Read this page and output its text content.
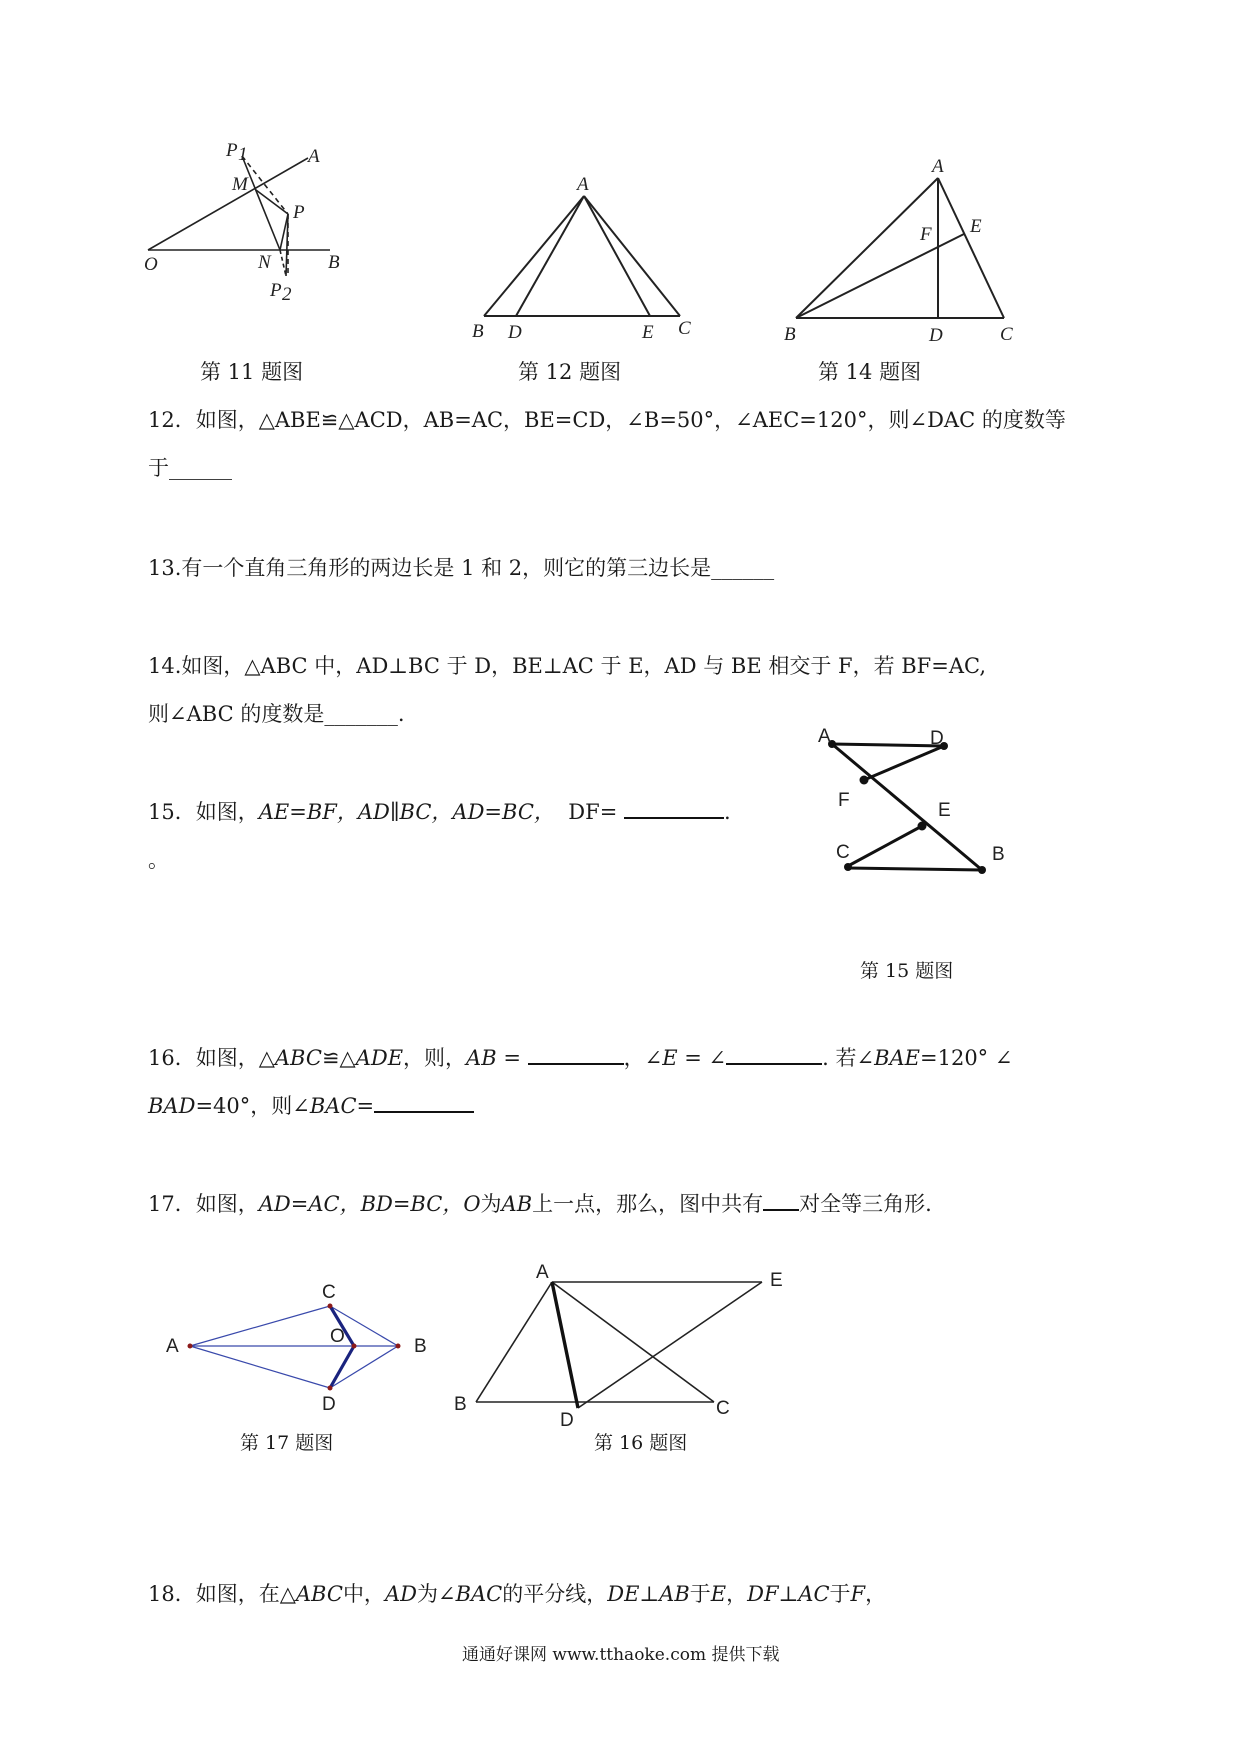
P 1	A
M
P
O	N	B
P 2
第 11 题图
A
B D	E C
第 12 题图
A
F E
B	D	C
第 14 题图
12．如图，△ABE≌△ACD，AB=AC，BE=CD，∠B=50°，∠AEC=120°，则∠DAC 的度数等
于______
13.有一个直角三角形的两边长是 1 和 2，则它的第三边长是______
14.如图，△ABC 中，AD⊥BC 于 D，BE⊥AC 于 E，AD 与 BE 相交于 F，若 BF=AC,
则∠ABC 的度数是_______.
A	D
F	E
C	B
第 15 题图
15．如图，AE=BF，AD∥BC，AD=BC， DF=	.
。
16．如图，△ABC≌△ADE，则，AB =	，∠E = ∠	. 若∠BAE=120° ∠
BAD=40°，则∠BAC=
17．如图，AD=AC，BD=BC，O为AB上一点，那么，图中共有 对全等三角形.
A
C
O	B
D
第 17 题图
A	E
B
D
C
第 16 题图
18．如图，在△ABC中，AD为∠BAC的平分线，DE⊥AB于E，DF⊥AC于F，
通通好课网 www.tthaoke.com 提供下载
